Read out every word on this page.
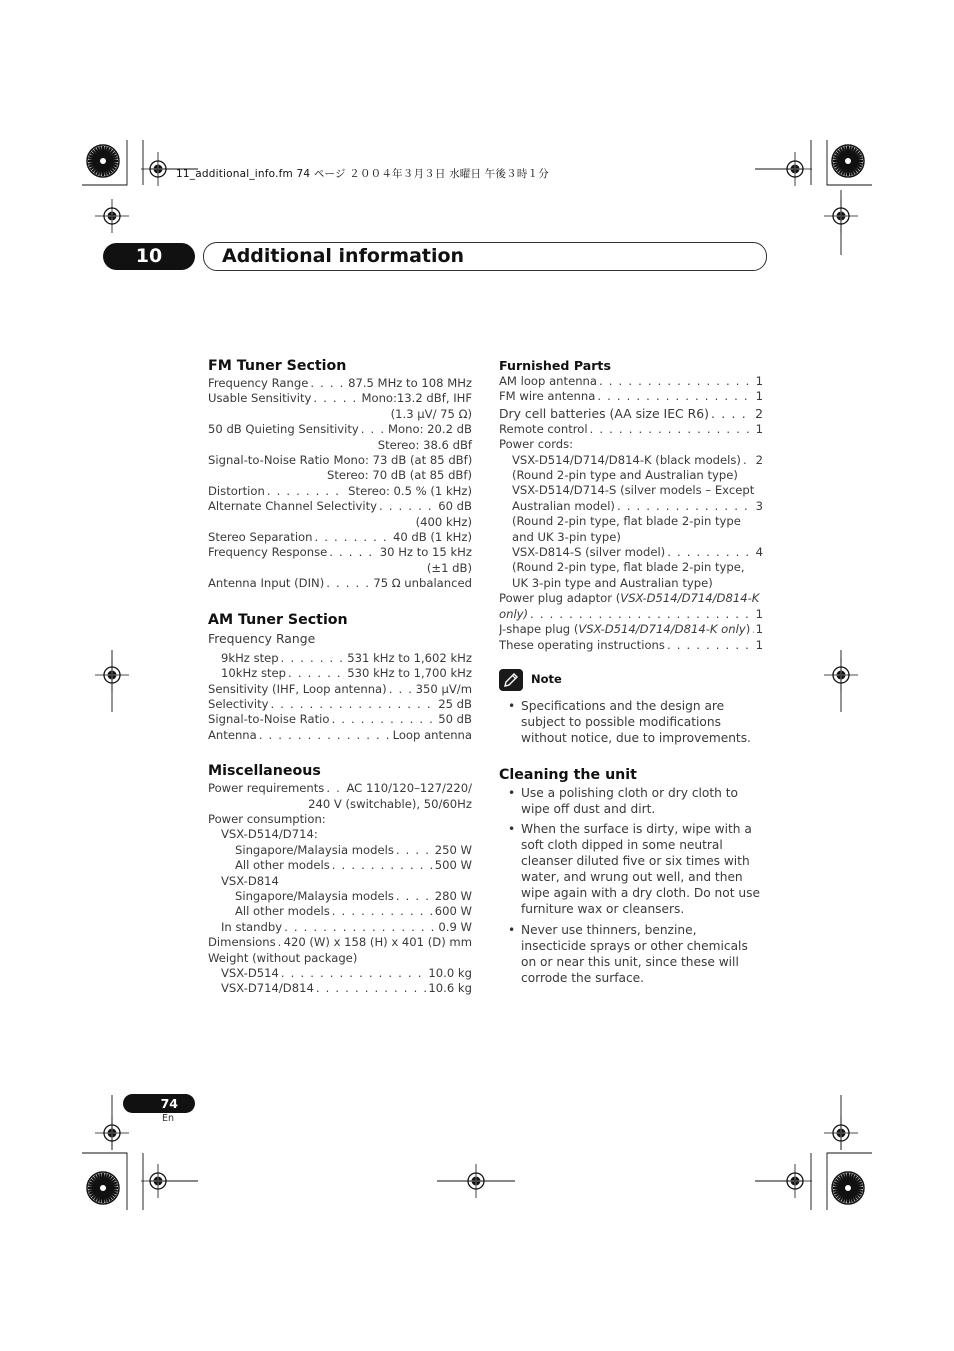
11_additional_info.fm 74 ページ ２００４年３月３日 水曜日 午後３時１分
10	Additional information
FM Tuner Section
Frequency Range . . .	87.5 MHz to 108 MHz
Usable Sensitivity . . .	Mono:13.2 dBf, IHF
(1.3 µV/ 75 Ω)
50 dB Quieting Sensitivity . . .	Mono: 20.2 dB
Stereo: 38.6 dBf
Signal-to-Noise Ratio Mono: 73 dB (at 85 dBf)
Stereo: 70 dB (at 85 dBf)
Distortion . . .	Stereo: 0.5 % (1 kHz)
Alternate Channel Selectivity . . .	60 dB
(400 kHz)
Stereo Separation . . .	40 dB (1 kHz)
Frequency Response . . .	30 Hz to 15 kHz
(±1 dB)
Antenna Input (DIN) . . .	75 Ω unbalanced
AM Tuner Section
Frequency Range
9kHz step . . .	531 kHz to 1,602 kHz
10kHz step . . .	530 kHz to 1,700 kHz
Sensitivity (IHF, Loop antenna) . . . 350 µV/m
Selectivity . . .	25 dB
Signal-to-Noise Ratio . . .	50 dB
Antenna . . .	Loop antenna
Miscellaneous
Power requirements . . . AC 110/120–127/220/
240 V (switchable), 50/60Hz
Power consumption:
VSX-D514/D714:
Singapore/Malaysia models . . .	250 W
All other models . . .	500 W
VSX-D814
Singapore/Malaysia models . . .	280 W
All other models . . .	600 W
In standby . . .	0.9 W
Dimensions . . . 420 (W) x 158 (H) x 401 (D) mm
Weight (without package)
VSX-D514 . . .	10.0 kg
VSX-D714/D814 . . .	10.6 kg
Furnished Parts
AM loop antenna . . .	1
FM wire antenna . . .	1
Dry cell batteries (AA size IEC R6) . . .	2
Remote control . . .	1
Power cords:
VSX-D514/D714/D814-K (black models) . . . 2
(Round 2-pin type and Australian type)
VSX-D514/D714-S (silver models – Except
Australian model) . . .	3
(Round 2-pin type, flat blade 2-pin type
and UK 3-pin type)
VSX-D814-S (silver model) . . .	4
(Round 2-pin type, flat blade 2-pin type,
UK 3-pin type and Australian type)
Power plug adaptor (VSX-D514/D714/D814-K
only) . . .	1
J-shape plug (VSX-D514/D714/D814-K only) . . . 1
These operating instructions . . .	1
Note
• Specifications and the design are subject to possible modifications without notice, due to improvements.
Cleaning the unit
• Use a polishing cloth or dry cloth to wipe off dust and dirt.
• When the surface is dirty, wipe with a soft cloth dipped in some neutral cleanser diluted five or six times with water, and wrung out well, and then wipe again with a dry cloth. Do not use furniture wax or cleansers.
• Never use thinners, benzine, insecticide sprays or other chemicals on or near this unit, since these will corrode the surface.
74
En
